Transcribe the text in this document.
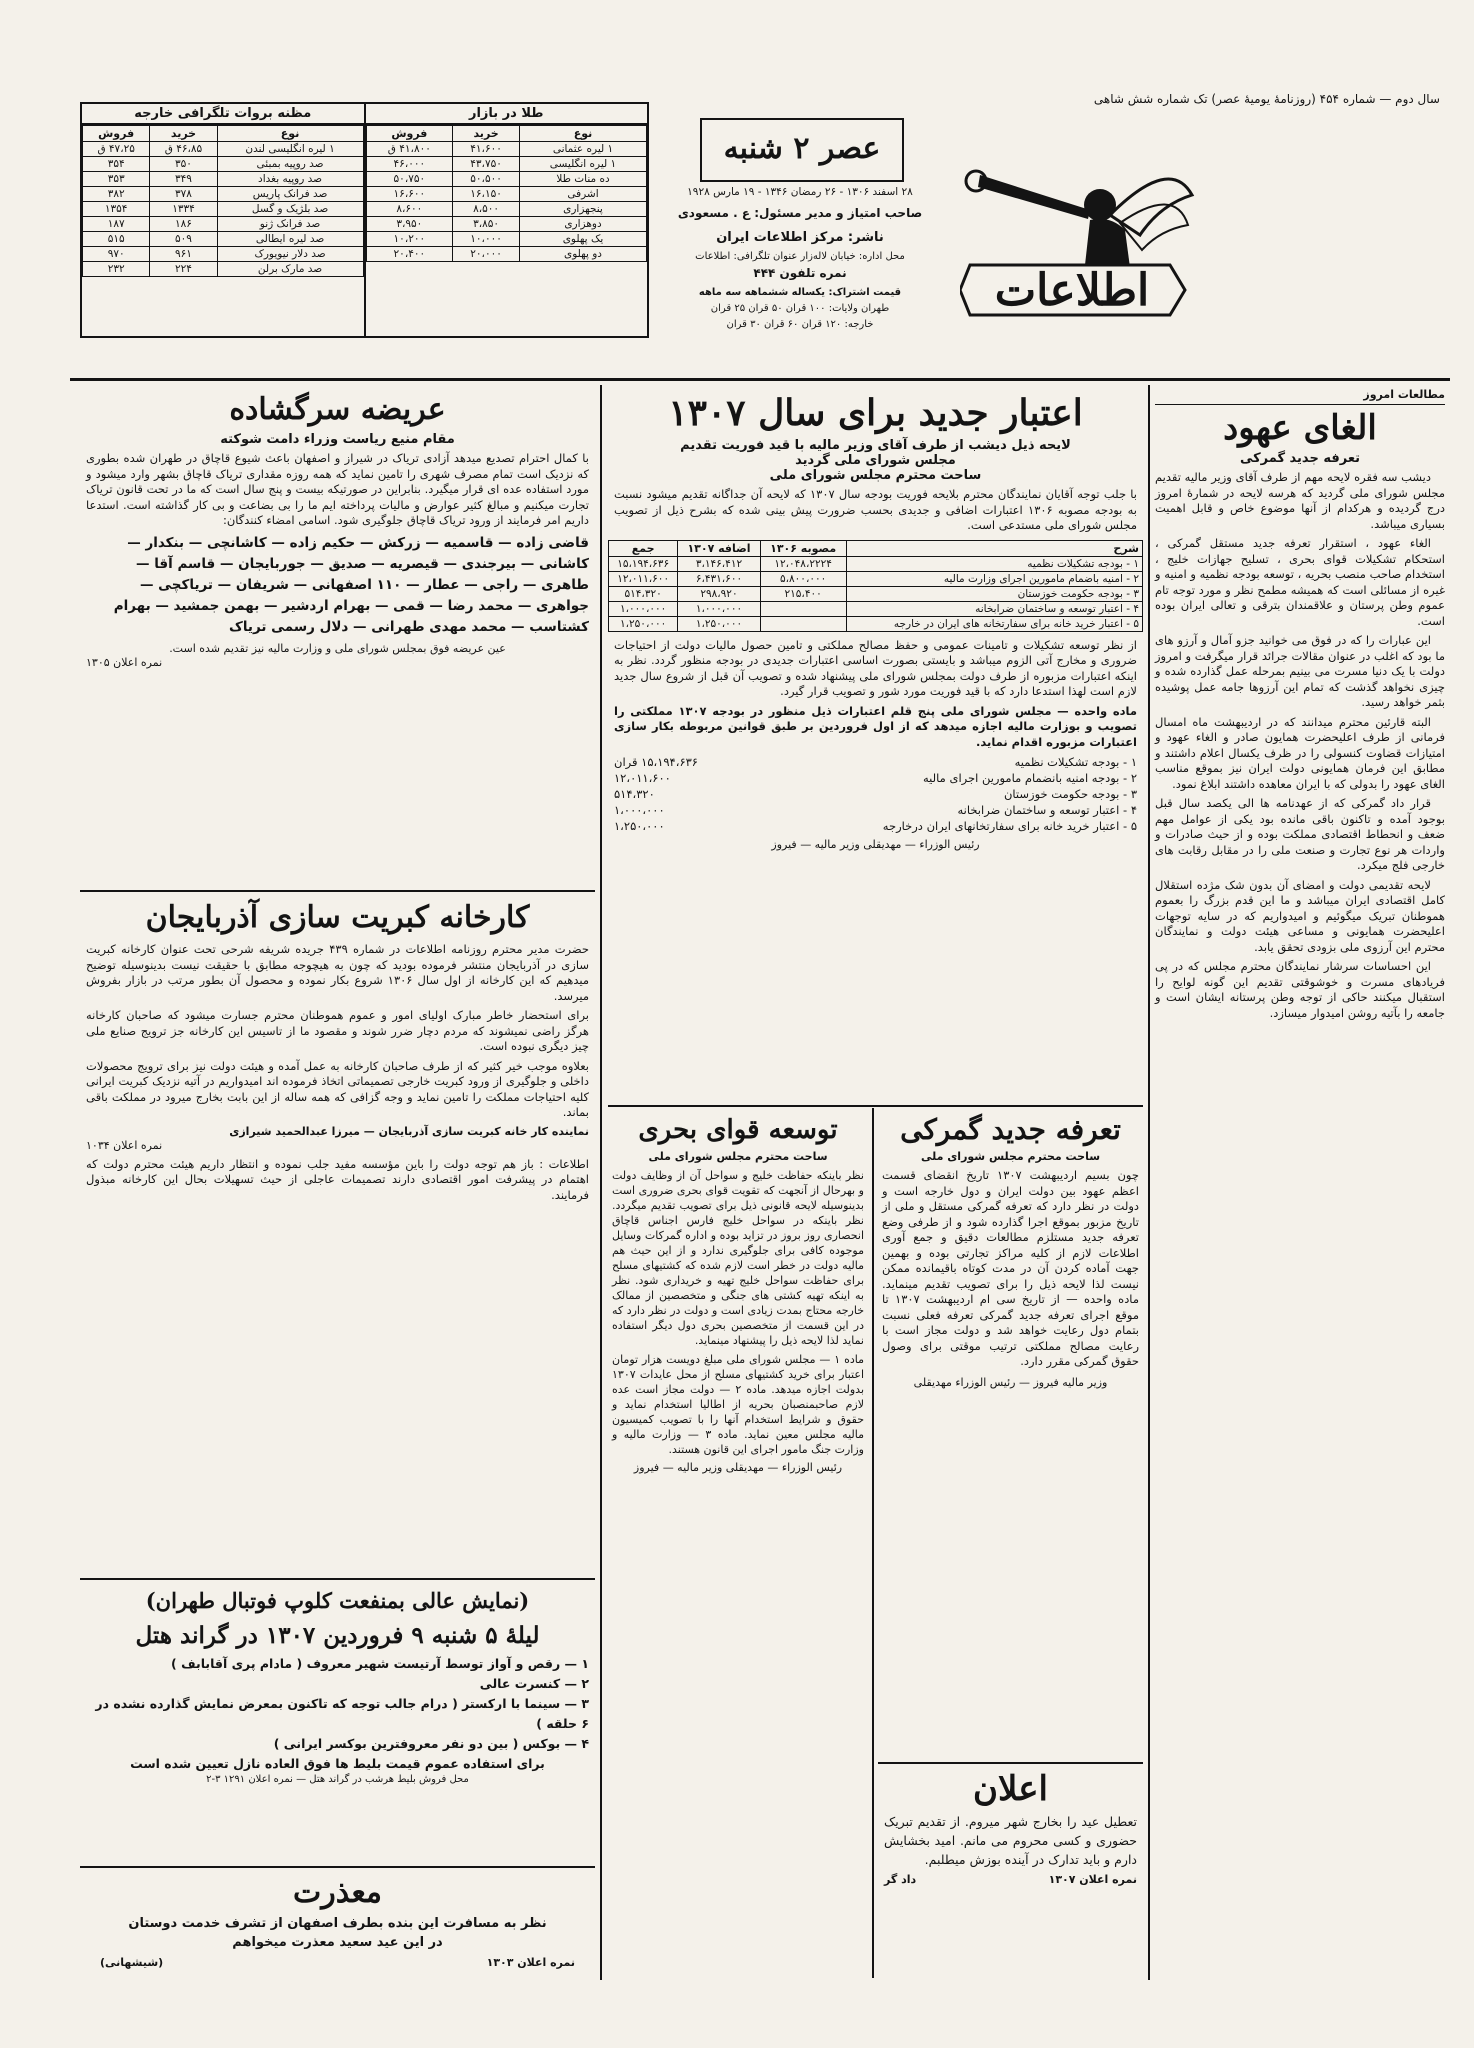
سال دوم — شماره ۴۵۴ (روزنامهٔ یومیهٔ عصر) تک شماره شش شاهی
اطلاعات
عصر ۲ شنبه
۲۸ اسفند ۱۳۰۶ - ۲۶ رمضان ۱۳۴۶ - ۱۹ مارس ۱۹۲۸
صاحب امتیاز و مدیر مسئول: ع . مسعودی
ناشر: مرکز اطلاعات ایران
محل اداره: خیابان لاله‌زار عنوان تلگرافی: اطلاعات
نمره تلفون ۴۴۴
قیمت اشتراک: یکساله ششماهه سه ماهه
طهران ولایات: ۱۰۰ قران ۵۰ قران ۲۵ قران
خارجه: ۱۲۰ قران ۶۰ قران ۳۰ قران
طلا در بازار
نوع	خرید	فروش
۱ لیره عثمانی	۴۱،۶۰۰	۴۱،۸۰۰ ق
۱ لیره انگلیسی	۴۳،۷۵۰	۴۶،۰۰۰
ده منات طلا	۵۰،۵۰۰	۵۰،۷۵۰
اشرفی	۱۶،۱۵۰	۱۶،۶۰۰
پنجهزاری	۸،۵۰۰	۸،۶۰۰
دوهزاری	۳،۸۵۰	۳،۹۵۰
یک پهلوی	۱۰،۰۰۰	۱۰،۲۰۰
دو پهلوی	۲۰،۰۰۰	۲۰،۴۰۰
مظنه بروات تلگرافی خارجه
نوع	خرید	فروش
۱ لیره انگلیسی لندن	۴۶،۸۵ ق	۴۷،۲۵ ق
صد روپیه بمبئی	۳۵۰	۳۵۴
صد روپیه بغداد	۳۴۹	۳۵۳
صد فرانک پاریس	۳۷۸	۳۸۲
صد بلژیک و گسل	۱۳۳۴	۱۳۵۴
صد فرانک ژنو	۱۸۶	۱۸۷
صد لیره ایطالی	۵۰۹	۵۱۵
صد دلار نیویورک	۹۶۱	۹۷۰
صد مارک برلن	۲۲۴	۲۳۲
مطالعات امروز
الغای عهود
تعرفه جدید گمرکی
دیشب سه فقره لایحه مهم از طرف آقای وزیر مالیه تقدیم مجلس شورای ملی گردید که هرسه لایحه در شمارهٔ امروز درج گردیده و هرکدام از آنها موضوع خاص و قابل اهمیت بسیاری میباشد.
الغاء عهود ، استقرار تعرفه جدید مستقل گمرکی ، استحکام تشکیلات قوای بحری ، تسلیح جهازات خلیج ، استخدام صاحب منصب بحریه ، توسعه بودجه نظمیه و امنیه و غیره از مسائلی است که همیشه مطمح نظر و مورد توجه تام عموم وطن پرستان و علاقمندان بترقی و تعالی ایران بوده است.
این عبارات را که در فوق می خوانید جزو آمال و آرزو های ما بود که اغلب در عنوان مقالات جرائد قرار میگرفت و امروز دولت با یک دنیا مسرت می بینیم بمرحله عمل گذارده شده و چیزی نخواهد گذشت که تمام این آرزوها جامه عمل پوشیده بثمر خواهد رسید.
البته قارئین محترم میدانند که در اردیبهشت ماه امسال فرمانی از طرف اعلیحضرت همایون صادر و الغاء عهود و امتیازات قضاوت کنسولی را در ظرف یکسال اعلام داشتند و مطابق این فرمان همایونی دولت ایران نیز بموقع مناسب الغای عهود را بدولی که با ایران معاهده داشتند ابلاغ نمود.
قرار داد گمرکی که از عهدنامه ها الی یکصد سال قبل بوجود آمده و تاکنون باقی مانده بود یکی از عوامل مهم ضعف و انحطاط اقتصادی مملکت بوده و از حیث صادرات و واردات هر نوع تجارت و صنعت ملی را در مقابل رقابت های خارجی فلج میکرد.
لایحه تقدیمی دولت و امضای آن بدون شک مژده استقلال کامل اقتصادی ایران میباشد و ما این قدم بزرگ را بعموم هموطنان تبریک میگوئیم و امیدواریم که در سایه توجهات اعلیحضرت همایونی و مساعی هیئت دولت و نمایندگان محترم این آرزوی ملی بزودی تحقق یابد.
این احساسات سرشار نمایندگان محترم مجلس که در پی فریادهای مسرت و خوشوقتی تقدیم این گونه لوایح را استقبال میکنند حاکی از توجه وطن پرستانه ایشان است و جامعه را بآتیه روشن امیدوار میسازد.
اعتبار جدید برای سال ۱۳۰۷
لایحه ذیل دیشب از طرف آقای وزیر مالیه با قید فوریت تقدیم
مجلس شورای ملی گردید
ساحت محترم مجلس شورای ملی
با جلب توجه آقایان نمایندگان محترم بلایحه فوریت بودجه سال ۱۳۰۷ که لایحه آن جداگانه تقدیم میشود نسبت به بودجه مصوبه ۱۳۰۶ اعتبارات اضافی و جدیدی بحسب ضرورت پیش بینی شده که بشرح ذیل از تصویب مجلس شورای ملی مستدعی است.
شرح	مصوبه ۱۳۰۶	اضافه ۱۳۰۷	جمع
۱ - بودجه تشکیلات نظمیه	۱۲،۰۴۸،۲۲۲۴	۳،۱۴۶،۴۱۲	۱۵،۱۹۴،۶۳۶
۲ - امنیه باضمام مامورین اجرای وزارت مالیه	۵،۸۰۰،۰۰۰	۶،۴۳۱،۶۰۰	۱۲،۰۱۱،۶۰۰
۳ - بودجه حکومت خوزستان	۲۱۵،۴۰۰	۲۹۸،۹۲۰	۵۱۴،۳۲۰
۴ - اعتبار توسعه و ساختمان ضرابخانه		۱،۰۰۰،۰۰۰	۱،۰۰۰،۰۰۰
۵ - اعتبار خرید خانه برای سفارتخانه های ایران در خارجه		۱،۲۵۰،۰۰۰	۱،۲۵۰،۰۰۰
از نظر توسعه تشکیلات و تامینات عمومی و حفظ مصالح مملکتی و تامین حصول مالیات دولت از احتیاجات ضروری و مخارج آتی الزوم میباشد و بایستی بصورت اساسی اعتبارات جدیدی در بودجه منظور گردد. نظر به اینکه اعتبارات مزبوره از طرف دولت بمجلس شورای ملی پیشنهاد شده و تصویب آن قبل از شروع سال جدید لازم است لهذا استدعا دارد که با قید فوریت مورد شور و تصویب قرار گیرد.
ماده واحده — مجلس شورای ملی پنج قلم اعتبارات ذیل منظور در بودجه ۱۳۰۷ مملکتی را تصویب و بوزارت مالیه اجازه میدهد که از اول فروردین بر طبق قوانین مربوطه بکار سازی اعتبارات مزبوره اقدام نماید.
۱ - بودجه تشکیلات نظمیه
۱۵،۱۹۴،۶۳۶ قران
۲ - بودجه امنیه بانضمام مامورین اجرای مالیه
۱۲،۰۱۱،۶۰۰
۳ - بودجه حکومت خوزستان
۵۱۴،۳۲۰
۴ - اعتبار توسعه و ساختمان ضرابخانه
۱،۰۰۰،۰۰۰
۵ - اعتبار خرید خانه برای سفارتخانهای ایران درخارجه
۱،۲۵۰،۰۰۰
رئیس الوزراء — مهدیقلی وزیر مالیه — فیروز
تعرفه جدید گمرکی
ساحت محترم مجلس شورای ملی
چون بسیم اردیبهشت ۱۳۰۷ تاریخ انقضای قسمت اعظم عهود بین دولت ایران و دول خارجه است و دولت در نظر دارد که تعرفه گمرکی مستقل و ملی از تاریخ مزبور بموقع اجرا گذارده شود و از طرفی وضع تعرفه جدید مستلزم مطالعات دقیق و جمع آوری اطلاعات لازم از کلیه مراکز تجارتی بوده و بهمین جهت آماده کردن آن در مدت کوتاه باقیمانده ممکن نیست لذا لایحه ذیل را برای تصویب تقدیم مینماید. ماده واحده — از تاریخ سی ام اردیبهشت ۱۳۰۷ تا موقع اجرای تعرفه جدید گمرکی تعرفه فعلی نسبت بتمام دول رعایت خواهد شد و دولت مجاز است با رعایت مصالح مملکتی ترتیب موقتی برای وصول حقوق گمرکی مقرر دارد.
وزیر مالیه فیروز — رئیس الوزراء مهدیقلی
اعلان
تعطیل عید را بخارج شهر میروم. از تقدیم تبریک حضوری و کسی محروم می مانم. امید بخشایش دارم و باید تدارک در آینده بوزش میطلبم.
نمره اعلان ۱۳۰۷
داد گر
توسعه قوای بحری
ساحت محترم مجلس شورای ملی
نظر باینکه حفاظت خلیج و سواحل آن از وظایف دولت و بهرحال از آنجهت که تقویت قوای بحری ضروری است بدینوسیله لایحه قانونی ذیل برای تصویب تقدیم میگردد. نظر باینکه در سواحل خلیج فارس اجناس قاچاق انحصاری روز بروز در تزاید بوده و اداره گمرکات وسایل موجوده کافی برای جلوگیری ندارد و از این حیث هم مالیه دولت در خطر است لازم شده که کشتیهای مسلح برای حفاظت سواحل خلیج تهیه و خریداری شود. نظر به اینکه تهیه کشتی های جنگی و متخصصین از ممالک خارجه محتاج بمدت زیادی است و دولت در نظر دارد که در این قسمت از متخصصین بحری دول دیگر استفاده نماید لذا لایحه ذیل را پیشنهاد مینماید.
ماده ۱ — مجلس شورای ملی مبلغ دویست هزار تومان اعتبار برای خرید کشتیهای مسلح از محل عایدات ۱۳۰۷ بدولت اجازه میدهد. ماده ۲ — دولت مجاز است عده لازم صاحبمنصبان بحریه از اطالیا استخدام نماید و حقوق و شرایط استخدام آنها را با تصویب کمیسیون مالیه مجلس معین نماید. ماده ۳ — وزارت مالیه و وزارت جنگ مامور اجرای این قانون هستند.
رئیس الوزراء — مهدیقلی وزیر مالیه — فیروز
عریضه سرگشاده
مقام منیع ریاست وزراء دامت شوکته
با کمال احترام تصدیع میدهد آزادی تریاک در شیراز و اصفهان باعث شیوع قاچاق در طهران شده بطوری که نزدیک است تمام مصرف شهری را تامین نماید که همه روزه مقداری تریاک قاچاق بشهر وارد میشود و مورد استفاده عده ای قرار میگیرد. بنابراین در صورتیکه بیست و پنج سال است که ما در تحت قانون تریاک تجارت میکنیم و مبالغ کثیر عوارض و مالیات پرداخته ایم ما را بی بضاعت و بی کار گذاشته است. استدعا داریم امر فرمایند از ورود تریاک قاچاق جلوگیری شود. اسامی امضاء کنندگان:
قاضی زاده — قاسمیه — زرکش — حکیم زاده — کاشانچی — بنکدار — کاشانی — بیرجندی — قیصریه — صدیق — جوربایجان — قاسم آقا — طاهری — راجی — عطار — ۱۱۰ اصفهانی — شریفان — تریاکچی — جواهری — محمد رضا — قمی — بهرام اردشیر — بهمن جمشید — بهرام کشتاسب — محمد مهدی طهرانی — دلال رسمی تریاک
عین عریضه فوق بمجلس شورای ملی و وزارت مالیه نیز تقدیم شده است.
نمره اعلان ۱۳۰۵
کارخانه کبریت سازی آذربایجان
حضرت مدیر محترم روزنامه اطلاعات در شماره ۴۳۹ جریده شریفه شرحی تحت عنوان کارخانه کبریت سازی در آذربایجان منتشر فرموده بودید که چون به هیچوجه مطابق با حقیقت نیست بدینوسیله توضیح میدهیم که این کارخانه از اول سال ۱۳۰۶ شروع بکار نموده و محصول آن بطور مرتب در بازار بفروش میرسد.
برای استحضار خاطر مبارک اولیای امور و عموم هموطنان محترم جسارت میشود که صاحبان کارخانه هرگز راضی نمیشوند که مردم دچار ضرر شوند و مقصود ما از تاسیس این کارخانه جز ترویج صنایع ملی چیز دیگری نبوده است.
بعلاوه موجب خیر کثیر که از طرف صاحبان کارخانه به عمل آمده و هیئت دولت نیز برای ترویج محصولات داخلی و جلوگیری از ورود کبریت خارجی تصمیماتی اتخاذ فرموده اند امیدواریم در آتیه نزدیک کبریت ایرانی کلیه احتیاجات مملکت را تامین نماید و وجه گزافی که همه ساله از این بابت بخارج میرود در مملکت باقی بماند.
نماینده کار خانه کبریت سازی آذربایجان — میرزا عبدالحمید شیرازی
نمره اعلان ۱۰۳۴
اطلاعات : باز هم توجه دولت را باین مؤسسه مفید جلب نموده و انتظار داریم هیئت محترم دولت که اهتمام در پیشرفت امور اقتصادی دارند تصمیمات عاجلی از حیث تسهیلات بحال این کارخانه مبذول فرمایند.
(نمایش عالی بمنفعت کلوپ فوتبال طهران)
لیلهٔ ۵ شنبه ۹ فروردین ۱۳۰۷ در گراند هتل
۱ — رقص و آواز توسط آرتیست شهیر معروف ( مادام پری آقابابف )
۲ — کنسرت عالی
۳ — سینما با ارکستر ( درام جالب توجه که تاکنون بمعرض نمایش گذارده نشده در ۶ حلقه )
۴ — بوکس ( بین دو نفر معروفترین بوکسر ایرانی )
برای استفاده عموم قیمت بلیط ها فوق العاده نازل تعیین شده است
محل فروش بلیط هرشب در گراند هتل — نمره اعلان ۱۲۹۱ ۳-۲
معذرت
نظر به مسافرت این بنده بطرف اصفهان از تشرف خدمت دوستان در این عید سعید معذرت میخواهم
نمره اعلان ۱۳۰۳
(شیشهانی)
